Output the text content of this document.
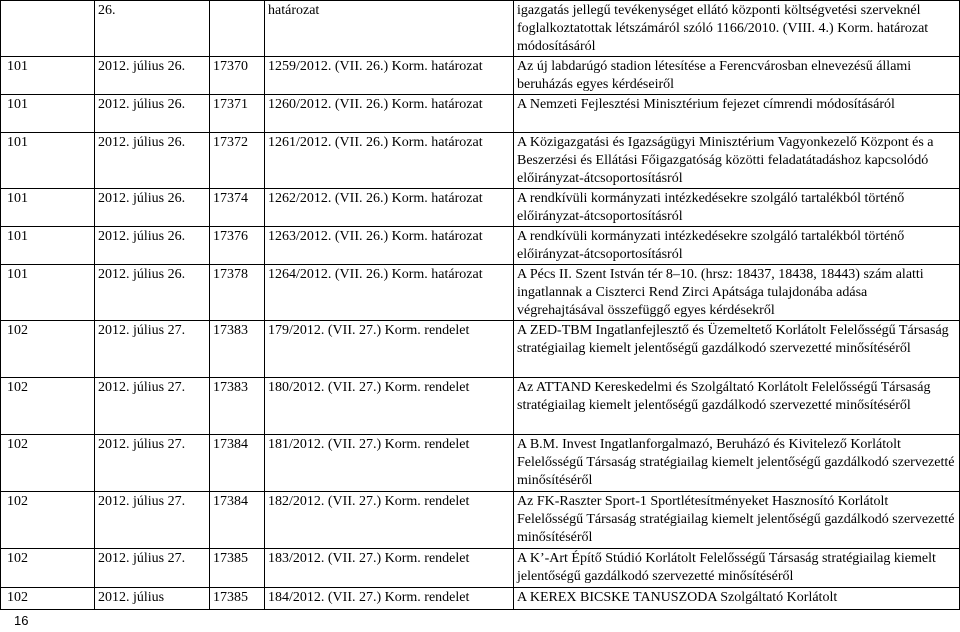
	26.		határozat	igazgatás jellegű tevékenységet ellátó központi költségvetési szerveknél foglalkoztatottak létszámáról szóló 1166/2010. (VIII. 4.) Korm. határozat módosításáról
101	2012. július 26.	17370	1259/2012. (VII. 26.) Korm. határozat	Az új labdarúgó stadion létesítése a Ferencvárosban elnevezésű állami beruházás egyes kérdéseiről
101	2012. július 26.	17371	1260/2012. (VII. 26.) Korm. határozat	A Nemzeti Fejlesztési Minisztérium fejezet címrendi módosításáról
101	2012. július 26.	17372	1261/2012. (VII. 26.) Korm. határozat	A Közigazgatási és Igazságügyi Minisztérium Vagyonkezelő Központ és a Beszerzési és Ellátási Főigazgatóság közötti feladatátadáshoz kapcsolódó előirányzat-átcsoportosításról
101	2012. július 26.	17374	1262/2012. (VII. 26.) Korm. határozat	A rendkívüli kormányzati intézkedésekre szolgáló tartalékból történő előirányzat-átcsoportosításról
101	2012. július 26.	17376	1263/2012. (VII. 26.) Korm. határozat	A rendkívüli kormányzati intézkedésekre szolgáló tartalékból történő előirányzat-átcsoportosításról
101	2012. július 26.	17378	1264/2012. (VII. 26.) Korm. határozat	A Pécs II. Szent István tér 8–10. (hrsz: 18437, 18438, 18443) szám alatti ingatlannak a Ciszterci Rend Zirci Apátsága tulajdonába adása végrehajtásával összefüggő egyes kérdésekről
102	2012. július 27.	17383	179/2012. (VII. 27.) Korm. rendelet	A ZED-TBM Ingatlanfejlesztő és Üzemeltető Korlátolt Felelősségű Társaság stratégiailag kiemelt jelentőségű gazdálkodó szervezetté minősítéséről
102	2012. július 27.	17383	180/2012. (VII. 27.) Korm. rendelet	Az ATTAND Kereskedelmi és Szolgáltató Korlátolt Felelősségű Társaság stratégiailag kiemelt jelentőségű gazdálkodó szervezetté minősítéséről
102	2012. július 27.	17384	181/2012. (VII. 27.) Korm. rendelet	A B.M. Invest Ingatlanforgalmazó, Beruházó és Kivitelező Korlátolt Felelősségű Társaság stratégiailag kiemelt jelentőségű gazdálkodó szervezetté minősítéséről
102	2012. július 27.	17384	182/2012. (VII. 27.) Korm. rendelet	Az FK-Raszter Sport-1 Sportlétesítményeket Hasznosító Korlátolt Felelősségű Társaság stratégiailag kiemelt jelentőségű gazdálkodó szervezetté minősítéséről
102	2012. július 27.	17385	183/2012. (VII. 27.) Korm. rendelet	A K’-Art Építő Stúdió Korlátolt Felelősségű Társaság stratégiailag kiemelt jelentőségű gazdálkodó szervezetté minősítéséről
102	2012. július	17385	184/2012. (VII. 27.) Korm. rendelet	A KEREX BICSKE TANUSZODA Szolgáltató Korlátolt
16
